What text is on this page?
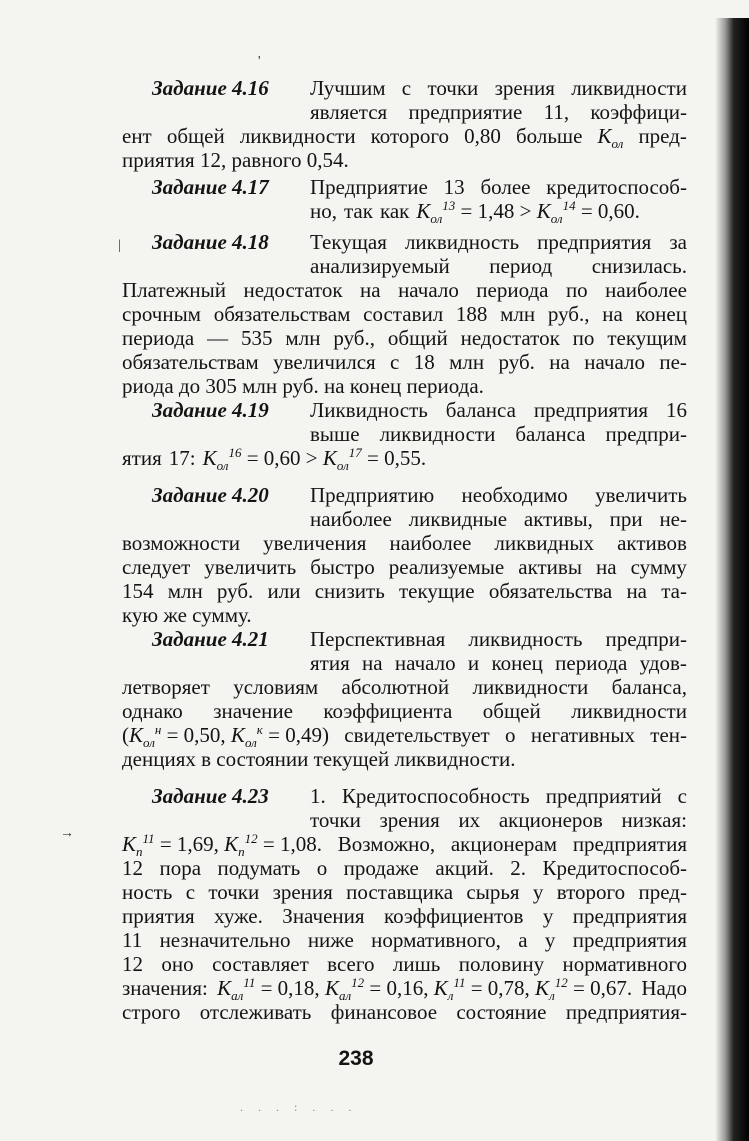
'
|
→
Задание 4.16 Лучшим с точки зрения ликвидности
является предприятие 11, коэффици-
ент общей ликвидности которого 0,80 больше $K_{ол}$ пред-
приятия 12, равного 0,54.
Задание 4.17 Предприятие 13 более кредитоспособ-
но, так как $K_{ол}^{13} = 1,48 > K_{ол}^{14} = 0,60$.
Задание 4.18 Текущая ликвидность предприятия за
анализируемый период снизилась.
Платежный недостаток на начало периода по наиболее
срочным обязательствам составил 188 млн руб., на конец
периода — 535 млн руб., общий недостаток по текущим
обязательствам увеличился с 18 млн руб. на начало пе-
риода до 305 млн руб. на конец периода.
Задание 4.19 Ликвидность баланса предприятия 16
выше ликвидности баланса предпри-
ятия 17: $K_{ол}^{16} = 0,60 > K_{ол}^{17} = 0,55$.
Задание 4.20 Предприятию необходимо увеличить
наиболее ликвидные активы, при не-
возможности увеличения наиболее ликвидных активов
следует увеличить быстро реализуемые активы на сумму
154 млн руб. или снизить текущие обязательства на та-
кую же сумму.
Задание 4.21 Перспективная ликвидность предпри-
ятия на начало и конец периода удов-
летворяет условиям абсолютной ликвидности баланса,
однако значение коэффициента общей ликвидности
($K_{ол}^н = 0,50$, $K_{ол}^к = 0,49$) свидетельствует о негативных тен-
денциях в состоянии текущей ликвидности.
Задание 4.23 1. Кредитоспособность предприятий с
точки зрения их акционеров низкая:
$K_п^{11} = 1,69$, $K_п^{12} = 1,08$. Возможно, акционерам предприятия
12 пора подумать о продаже акций. 2. Кредитоспособ-
ность с точки зрения поставщика сырья у второго пред-
приятия хуже. Значения коэффициентов у предприятия
11 незначительно ниже нормативного, а у предприятия
12 оно составляет всего лишь половину нормативного
значения: $K_{ал}^{11} = 0,18$, $K_{ал}^{12} = 0,16$, $K_л^{11} = 0,78$, $K_л^{12} = 0,67$. Надо
строго отслеживать финансовое состояние предприятия-
238
. . . : . . .
